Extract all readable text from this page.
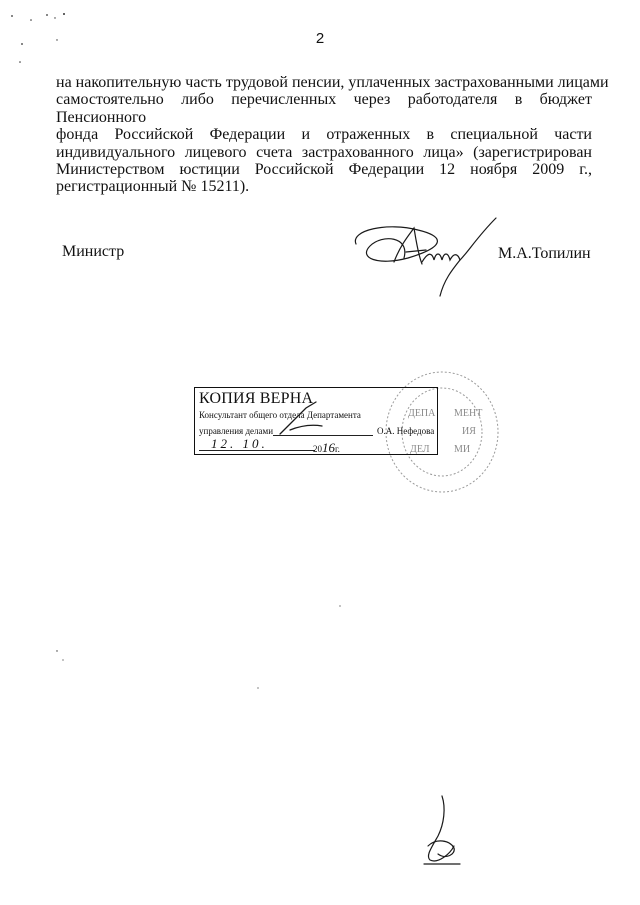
2
на накопительную часть трудовой пенсии, уплаченных застрахованными лицами
самостоятельно либо перечисленных через работодателя в бюджет Пенсионного
фонда Российской Федерации и отраженных в специальной части
индивидуального лицевого счета застрахованного лица» (зарегистрирован
Министерством юстиции Российской Федерации 12 ноября 2009 г.,
регистрационный № 15211).
Министр	М.А.Топилин
ДЕПА МЕНТ
ИЯ
ДЕЛ МИ
КОПИЯ ВЕРНА
Консультант общего отдела Департамента
управления делами	О.А. Нефедова
12. 10.	2016г.
